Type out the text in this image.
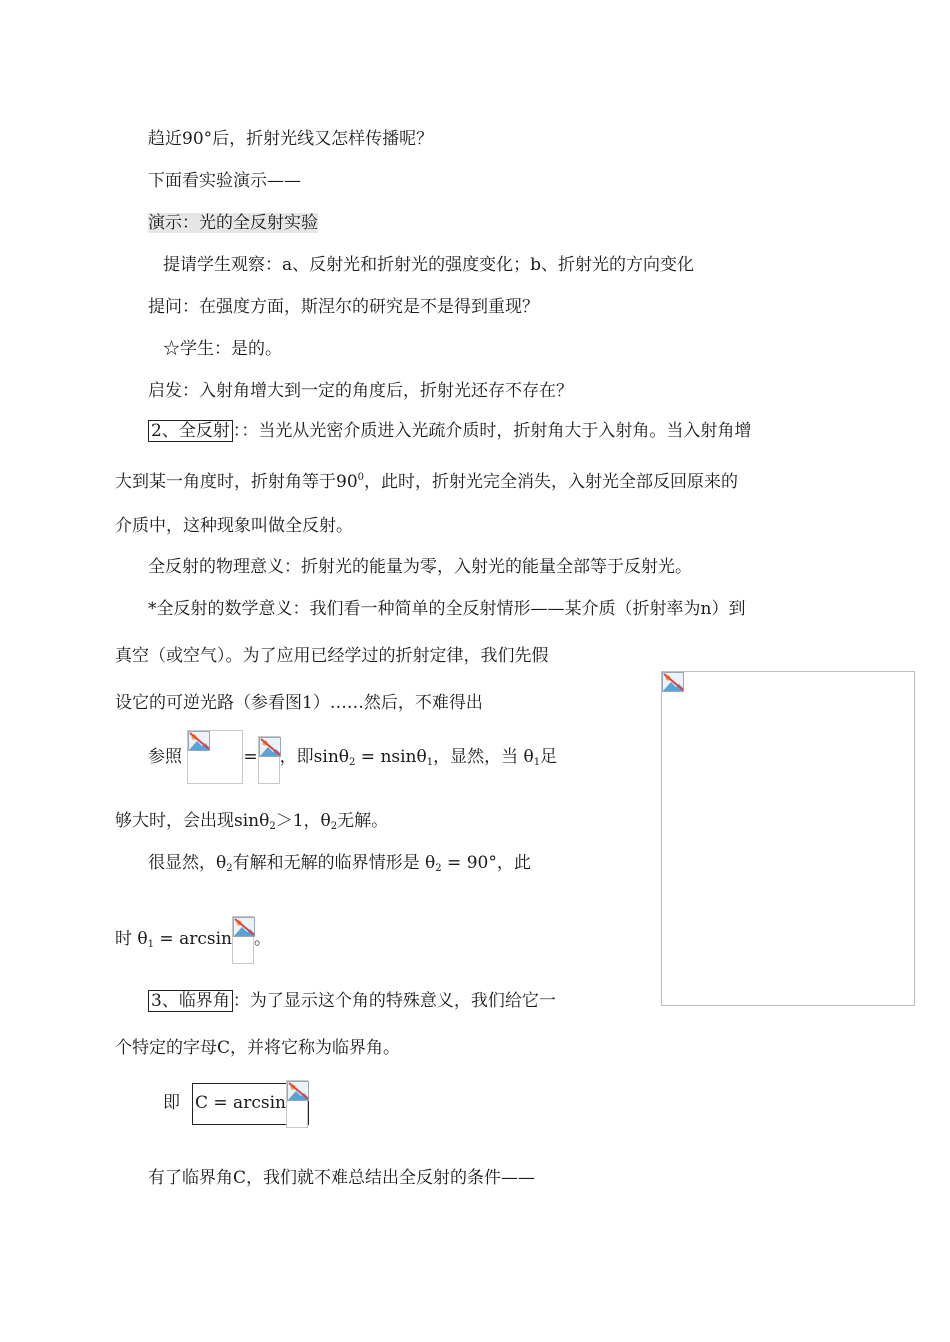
趋近90°后，折射光线又怎样传播呢？
下面看实验演示——
演示：光的全反射实验
提请学生观察：a、反射光和折射光的强度变化；b、折射光的方向变化
提问：在强度方面，斯涅尔的研究是不是得到重现？
☆学生：是的。
启发：入射角增大到一定的角度后，折射光还存不存在？
2、全反射 ：：当光从光密介质进入光疏介质时，折射角大于入射角。当入射角增
大到某一角度时，折射角等于$90^0$，此时，折射光完全消失，入射光全部反回原来的
介质中，这种现象叫做全反射。
全反射的物理意义：折射光的能量为零，入射光的能量全部等于反射光。
*全反射的数学意义：我们看一种简单的全反射情形——某介质（折射率为n）到
真空（或空气）。为了应用已经学过的折射定律，我们先假
设它的可逆光路（参看图1）……然后，不难得出
参照	= ，即sinθ$_2$ = nsinθ$_1$，显然，当 $\theta_1$足
够大时，会出现sinθ$_2$＞1，$\theta_2$无解。
很显然，$\theta_2$有解和无解的临界情形是 $\theta_2 = 90^\circ$，此
时 $\theta_1 = \arcsin$ 。
3、临界角 ：为了显示这个角的特殊意义，我们给它一
个特定的字母C，并将它称为临界角。
即 C = arcsin
有了临界角C，我们就不难总结出全反射的条件——
